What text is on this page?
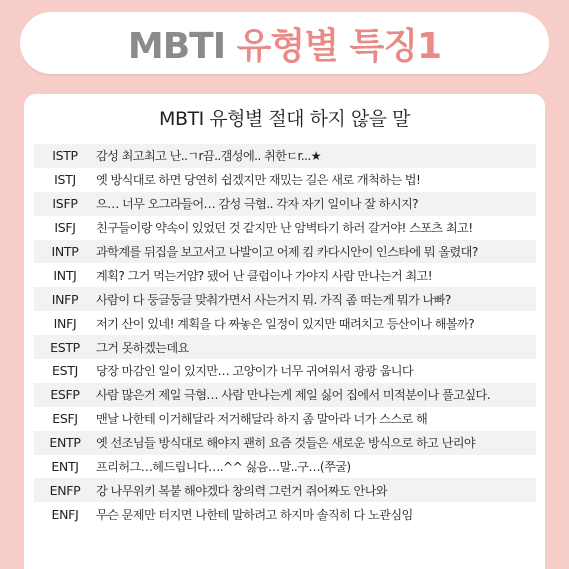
MBTI 유형별 특징1
MBTI 유형별 절대 하지 않을 말
ISTP	감성 최고최고 난..ㄱr끔..갬성에.. 취한ㄷr...★
ISTJ	옛 방식대로 하면 당연히 쉽겠지만 재밌는 길은 새로 개척하는 법!
ISFP	으… 너무 오그라들어… 감성 극혐.. 각자 자기 일이나 잘 하시지?
ISFJ	친구들이랑 약속이 있었던 것 같지만 난 암벽타기 하러 갈거야! 스포츠 최고!
INTP	과학계를 뒤집을 보고서고 나발이고 어제 킴 카다시안이 인스타에 뭐 올렸대?
INTJ	계획? 그거 먹는거얌? 됐어 난 클럽이나 가야지 사람 만나는거 최고!
INFP	사람이 다 둥글둥글 맞춰가면서 사는거지 뭐. 가직 좀 떠는게 뭐가 나빠?
INFJ	저기 산이 있네! 계획을 다 짜놓은 일정이 있지만 때려치고 등산이나 해볼까?
ESTP	그거 못하겠는데요
ESTJ	당장 마감인 일이 있지만… 고양이가 너무 귀여워서 광광 웁니다
ESFP	사람 많은거 제일 극혐… 사람 만나는게 제일 싫어 집에서 미적분이나 풀고싶다.
ESFJ	맨날 나한테 이거해달라 저거해달라 하지 좀 말아라 너가 스스로 해
ENTP	옛 선조님들 방식대로 해야지 괜히 요즘 것들은 새로운 방식으로 하고 난리야
ENTJ	프리허그…헤드립니다….^^ 싫음…말..구…(쭈굴)
ENFP	강 나무위키 복붙 해야겠다 창의력 그런거 쥐어짜도 안나와
ENFJ	무슨 문제만 터지면 나한테 말하려고 하지마 솔직히 다 노관심임
